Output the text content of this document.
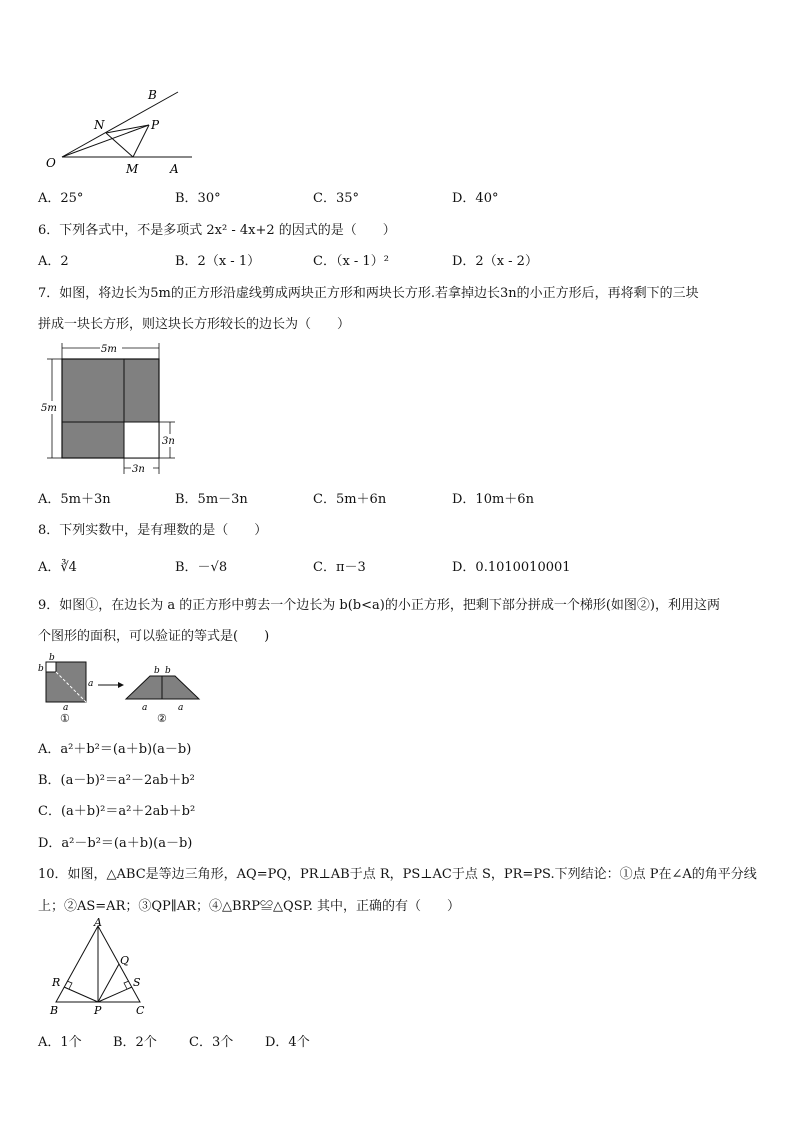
B
N	P
O	M	A
A．25°	B．30°	C．35°	D．40°
6．下列各式中，不是多项式 2x² - 4x+2 的因式的是（　　）
A．2	B．2（x - 1）	C．（x - 1）²	D．2（x - 2）
7．如图，将边长为5m的正方形沿虚线剪成两块正方形和两块长方形.若拿掉边长3n的小正方形后，再将剩下的三块
拼成一块长方形，则这块长方形较长的边长为（　　）
5m
5m
3n
3n
A．5m＋3n	B．5m－3n	C．5m＋6n	D．10m＋6n
8．下列实数中，是有理数的是（　　）
A．∛4	B．－√8	C．π－3	D．0.1010010001
9．如图①，在边长为 a 的正方形中剪去一个边长为 b(b<a)的小正方形，把剩下部分拼成一个梯形(如图②)，利用这两
个图形的面积，可以验证的等式是(　　)
b
b
a
a
①
b b
a	a
②
A．a²＋b²＝(a＋b)(a－b)
B．(a－b)²＝a²－2ab＋b²
C．(a＋b)²＝a²＋2ab＋b²
D．a²－b²＝(a＋b)(a－b)
10．如图，△ABC是等边三角形，AQ=PQ，PR⊥AB于点 R，PS⊥AC于点 S，PR=PS.下列结论：①点 P在∠A的角平分线
上；②AS=AR；③QP∥AR；④△BRP≌△QSP. 其中，正确的有（　　）
A
Q
R	S
B	P	C
A．1个 B．2个 C．3个 D．4个
